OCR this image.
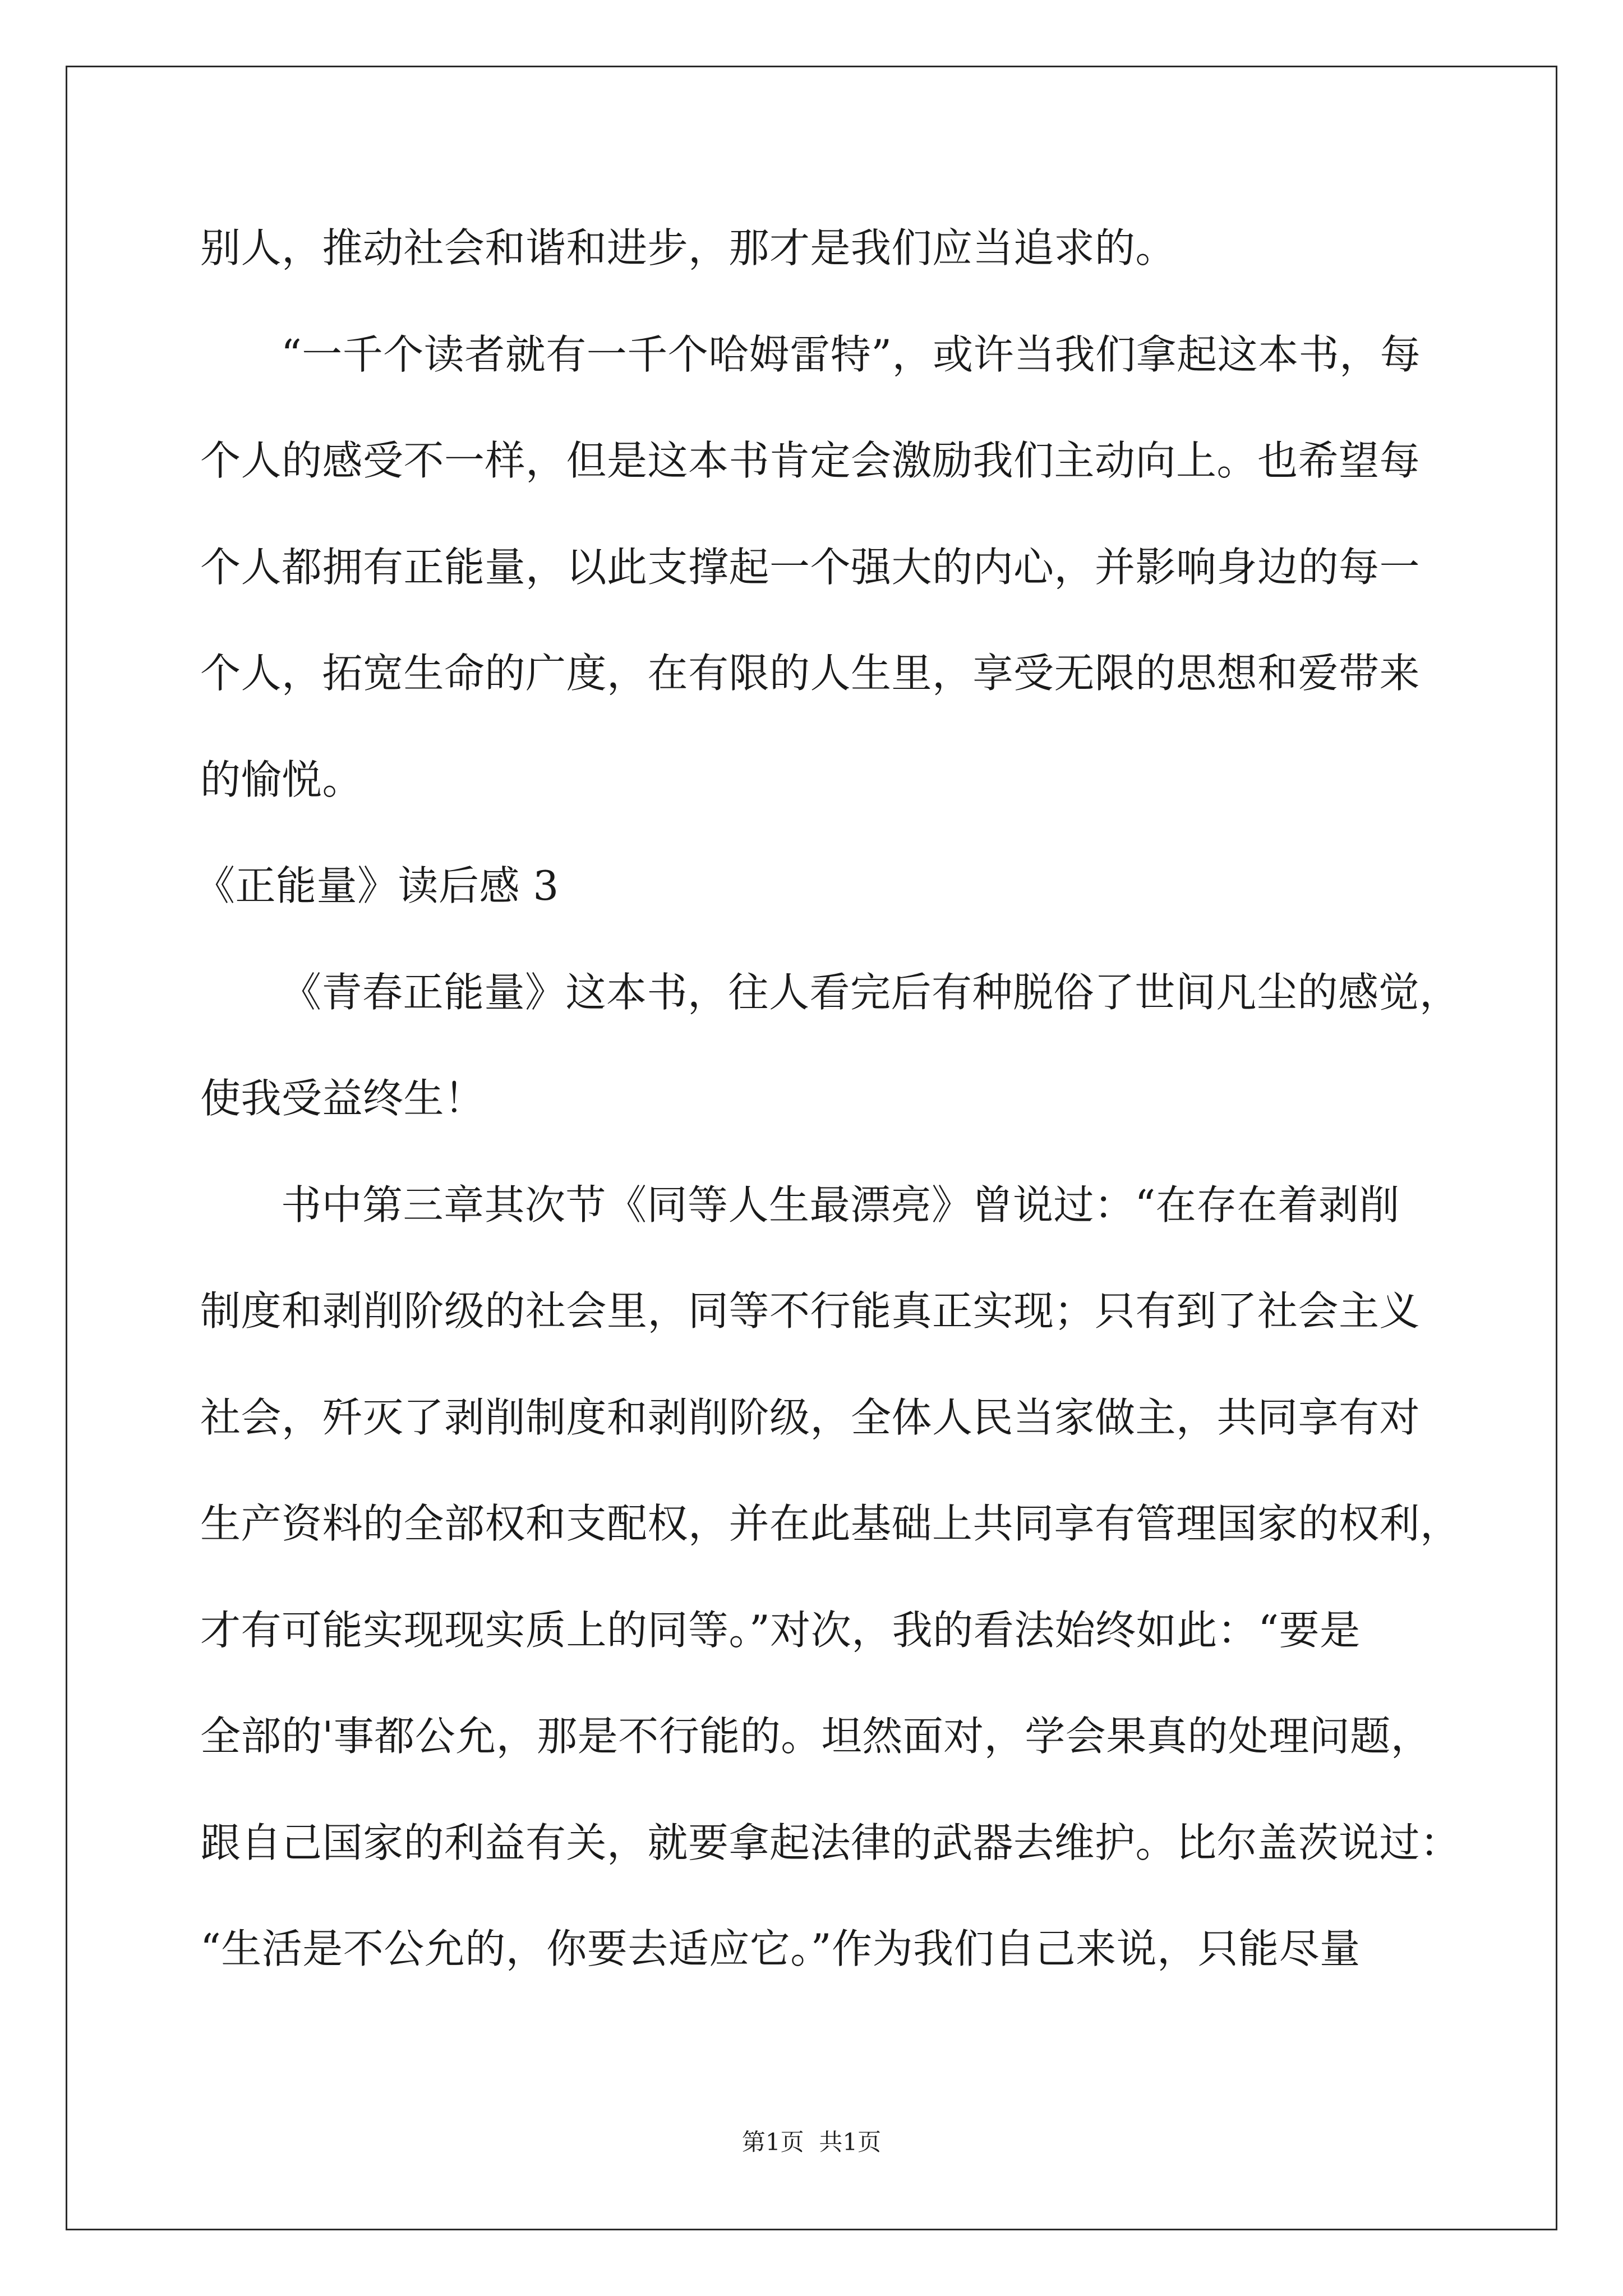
别人，推动社会和谐和进步，那才是我们应当追求的。
“一千个读者就有一千个哈姆雷特”，或许当我们拿起这本书，每
个人的感受不一样，但是这本书肯定会激励我们主动向上。也希望每
个人都拥有正能量，以此支撑起一个强大的内心，并影响身边的每一
个人，拓宽生命的广度，在有限的人生里，享受无限的思想和爱带来
的愉悦。
《正能量》读后感 3
《青春正能量》这本书，往人看完后有种脱俗了世间凡尘的感觉，
使我受益终生！
书中第三章其次节《同等人生最漂亮》曾说过：“在存在着剥削
制度和剥削阶级的社会里，同等不行能真正实现；只有到了社会主义
社会，歼灭了剥削制度和剥削阶级，全体人民当家做主，共同享有对
生产资料的全部权和支配权，并在此基础上共同享有管理国家的权利，
才有可能实现现实质上的同等。”对次，我的看法始终如此：“要是
全部的'事都公允，那是不行能的。坦然面对，学会果真的处理问题，
跟自己国家的利益有关，就要拿起法律的武器去维护。比尔盖茨说过：
“生活是不公允的，你要去适应它。”作为我们自己来说，只能尽量
第1页  共1页
